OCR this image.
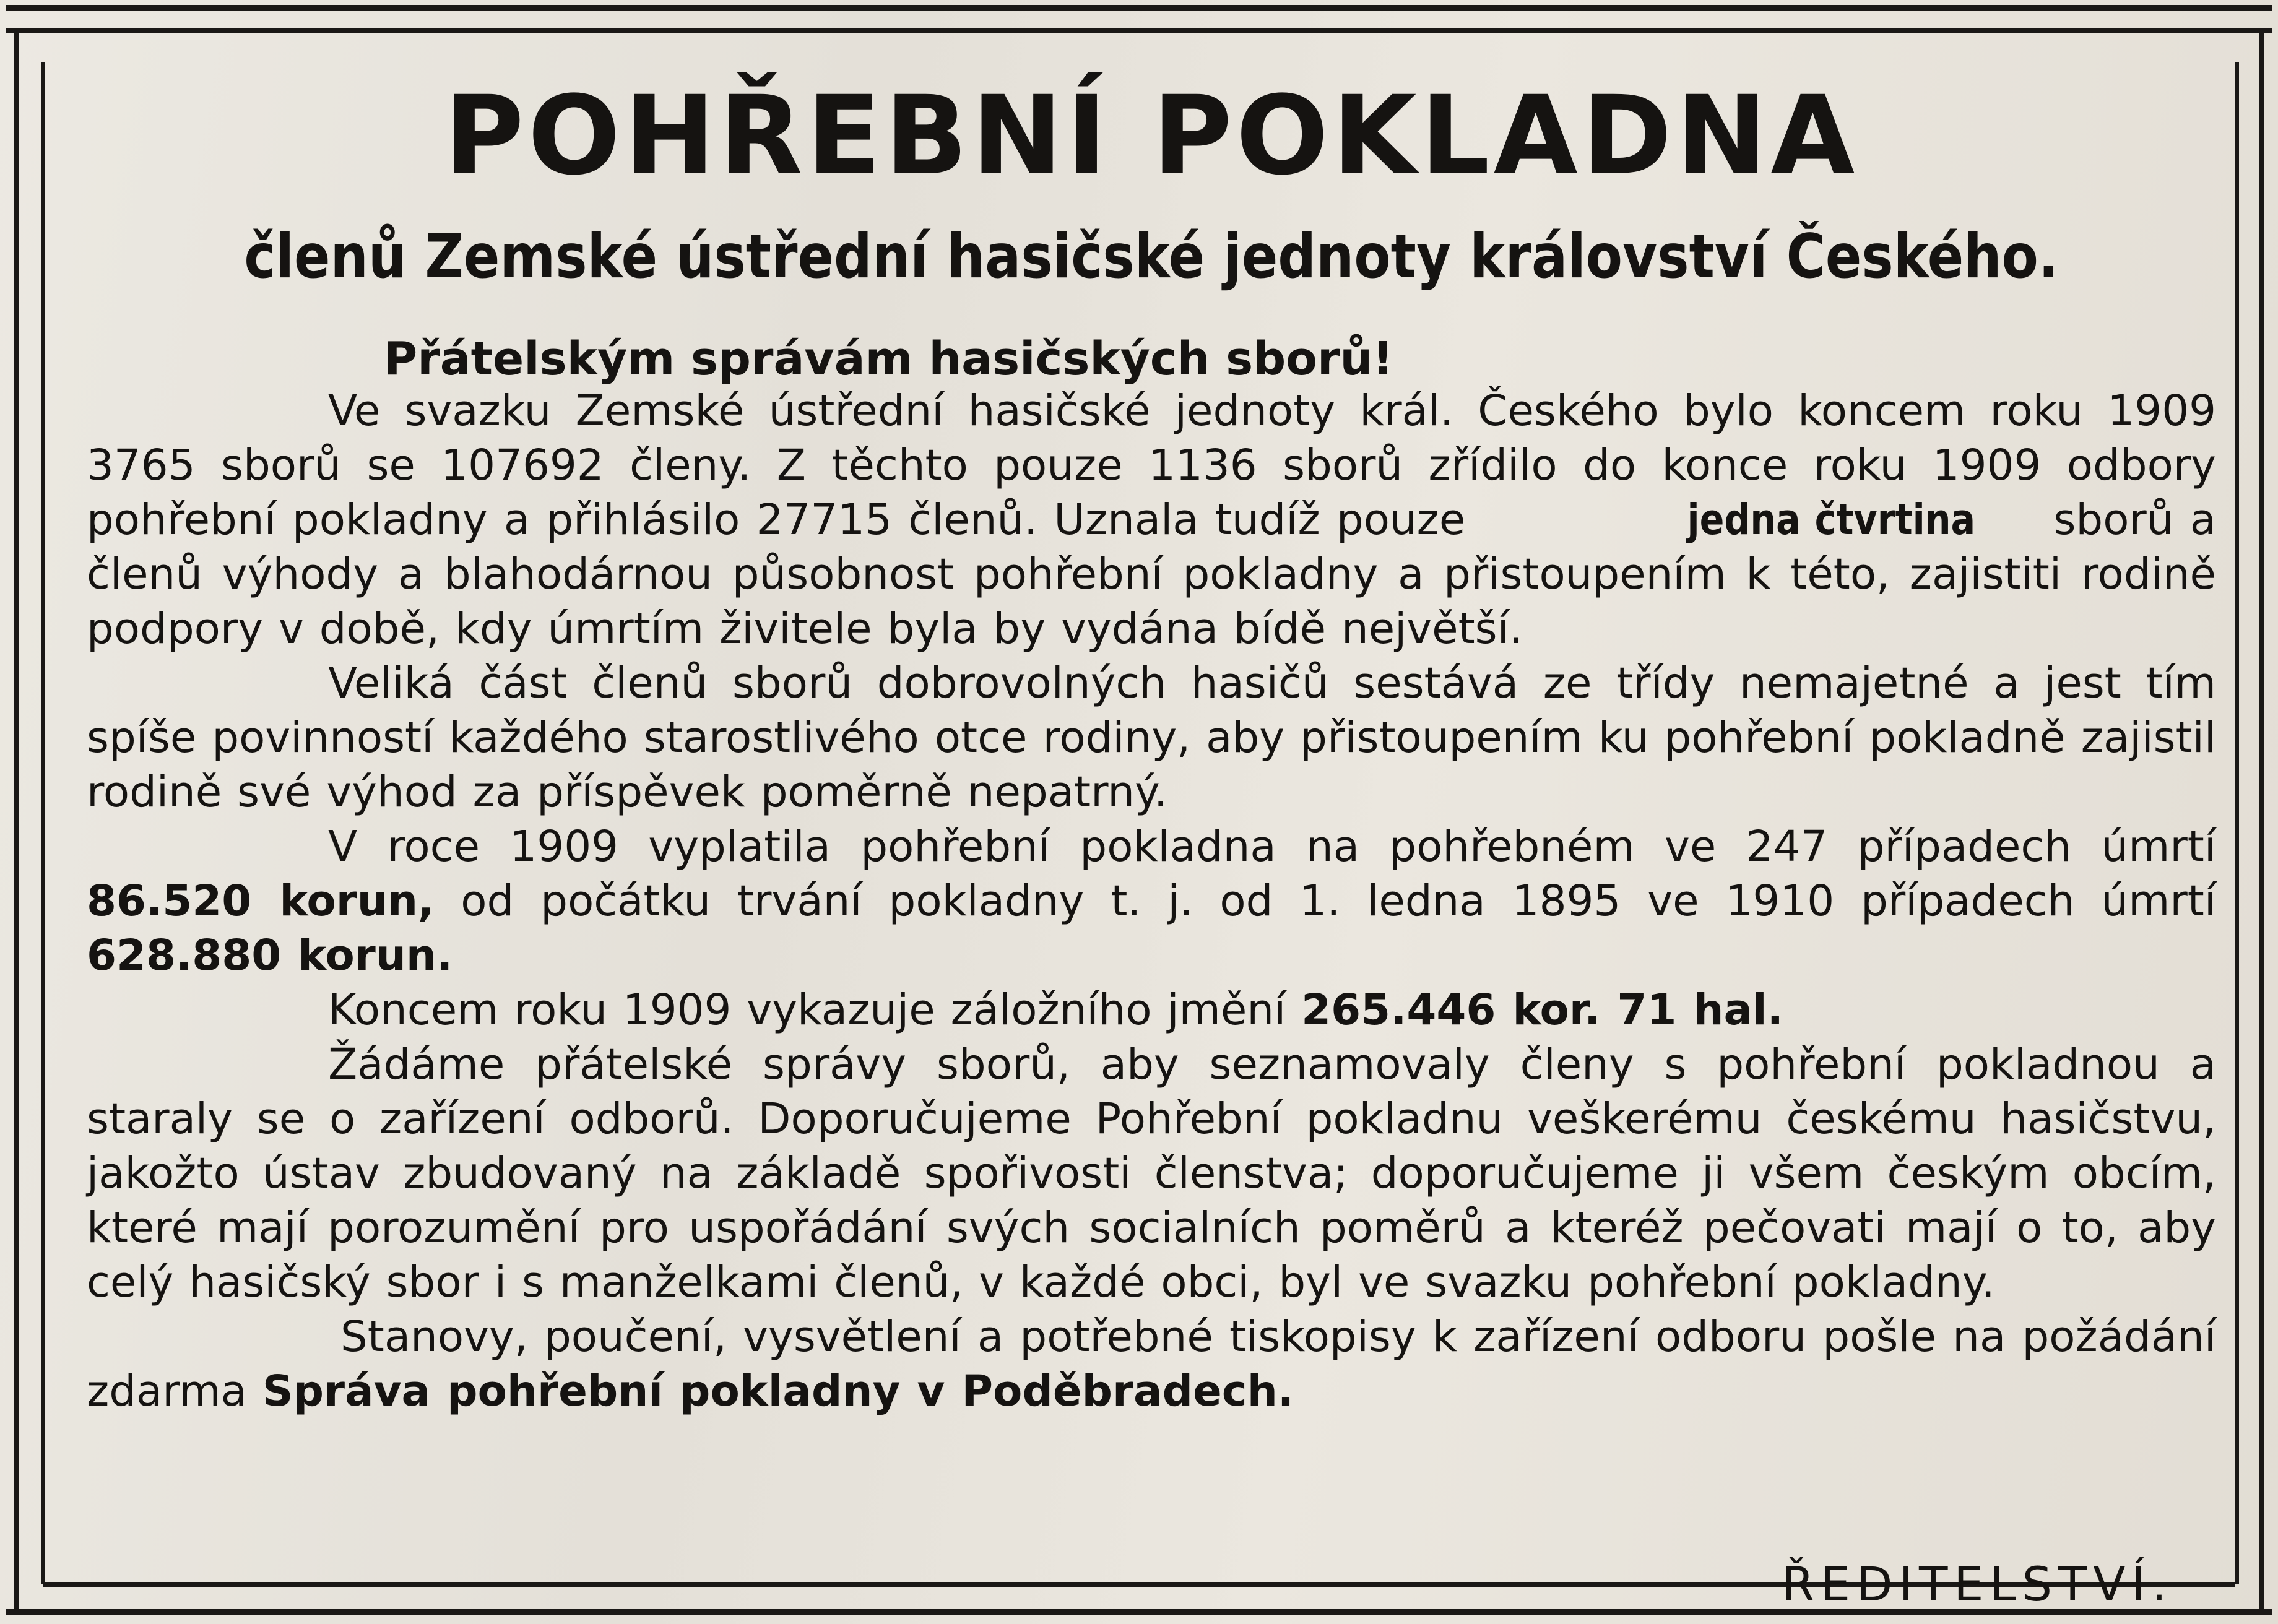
POHŘEBNÍ POKLADNA
členů Zemské ústřední hasičské jednoty království Českého.
Přátelským správám hasičských sborů!

Ve svazku Zemské ústřední hasičské jednoty král. Českého bylo koncem roku 1909 3765 sborů se 107692 členy. Z těchto pouze 1136 sborů zřídilo do konce roku 1909 odbory pohřební pokladny a přihlásilo 27715 členů. Uznala tudíž pouze	jedna čtvrtina sborů a členů výhody a blahodárnou působnost pohřební pokladny a přistoupením k této, zajistiti rodině podpory v době, kdy úmrtím živitele byla by vydána bídě největší.

Veliká část členů sborů dobrovolných hasičů sestává ze třídy nemajetné a jest tím spíše povinností každého starostlivého otce rodiny, aby přistoupením ku pohřební pokladně zajistil rodině své výhod za příspěvek poměrně nepatrný.

V roce 1909 vyplatila pohřební pokladna na pohřebném ve 247 případech úmrtí 86.520 korun, od počátku trvání pokladny t. j. od 1. ledna 1895 ve 1910 případech úmrtí 628.880 korun.

Koncem roku 1909 vykazuje záložního jmění 265.446 kor. 71 hal.

Žádáme přátelské správy sborů, aby seznamovaly členy s pohřební pokladnou a staraly se o zařízení odborů. Doporučujeme Pohřební pokladnu veškerému českému hasičstvu, jakožto ústav zbudovaný na základě spořivosti členstva; doporučujeme ji všem českým obcím, které mají porozumění pro uspořádání svých socialních poměrů a kteréž pečovati mají o to, aby celý hasičský sbor i s manželkami členů, v každé obci, byl ve svazku pohřební pokladny.

Stanovy, poučení, vysvětlení a potřebné tiskopisy k zařízení odboru pošle na požádání zdarma Správa pohřební pokladny v Poděbradech.

ŘEDITELSTVÍ.
